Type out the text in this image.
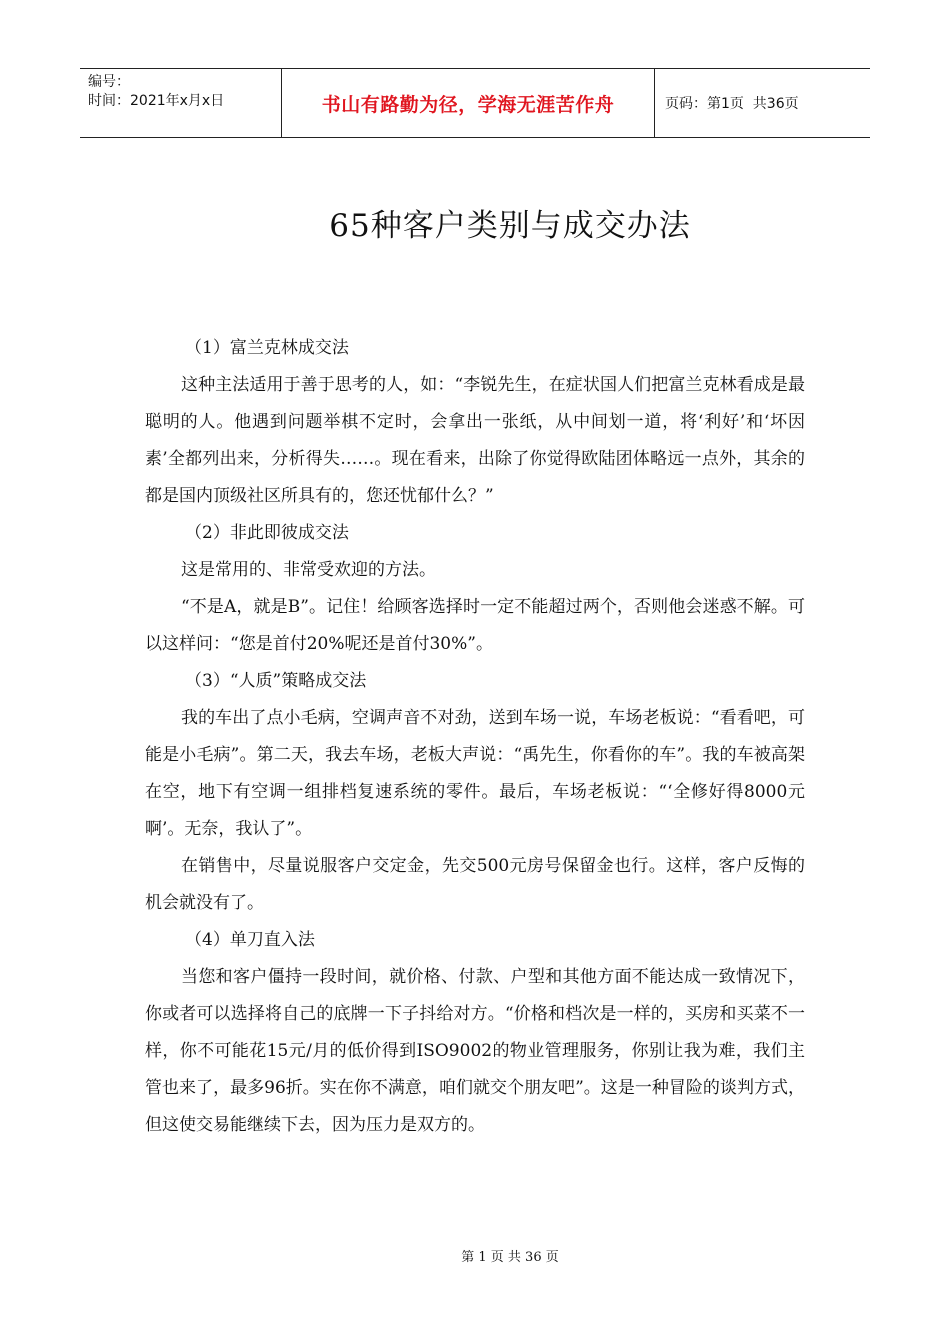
编号：
时间：2021年x月x日	书山有路勤为径，学海无涯苦作舟	页码：第1页  共36页
65种客户类别与成交办法

（1）富兰克林成交法

这种主法适用于善于思考的人，如：“李锐先生，在症状国人们把富兰克林看成是最聪明的人。他遇到问题举棋不定时，会拿出一张纸，从中间划一道，将‘利好’和‘坏因素’全都列出来，分析得失……。现在看来，出除了你觉得欧陆团体略远一点外，其余的都是国内顶级社区所具有的，您还忧郁什么？”

（2）非此即彼成交法

这是常用的、非常受欢迎的方法。

“不是A，就是B”。记住！给顾客选择时一定不能超过两个，否则他会迷惑不解。可以这样问：“您是首付20%呢还是首付30%”。

（3）“人质”策略成交法

我的车出了点小毛病，空调声音不对劲，送到车场一说，车场老板说：“看看吧，可能是小毛病”。第二天，我去车场，老板大声说：“禹先生，你看你的车”。我的车被高架在空，地下有空调一组排档复速系统的零件。最后，车场老板说：“‘全修好得8000元啊’。无奈，我认了”。

在销售中，尽量说服客户交定金，先交500元房号保留金也行。这样，客户反悔的机会就没有了。

（4）单刀直入法

当您和客户僵持一段时间，就价格、付款、户型和其他方面不能达成一致情况下，你或者可以选择将自己的底牌一下子抖给对方。“价格和档次是一样的，买房和买菜不一样，你不可能花15元/月的低价得到ISO9002的物业管理服务，你别让我为难，我们主管也来了，最多96折。实在你不满意，咱们就交个朋友吧”。这是一种冒险的谈判方式，但这使交易能继续下去，因为压力是双方的。

第 1 页 共 36 页
